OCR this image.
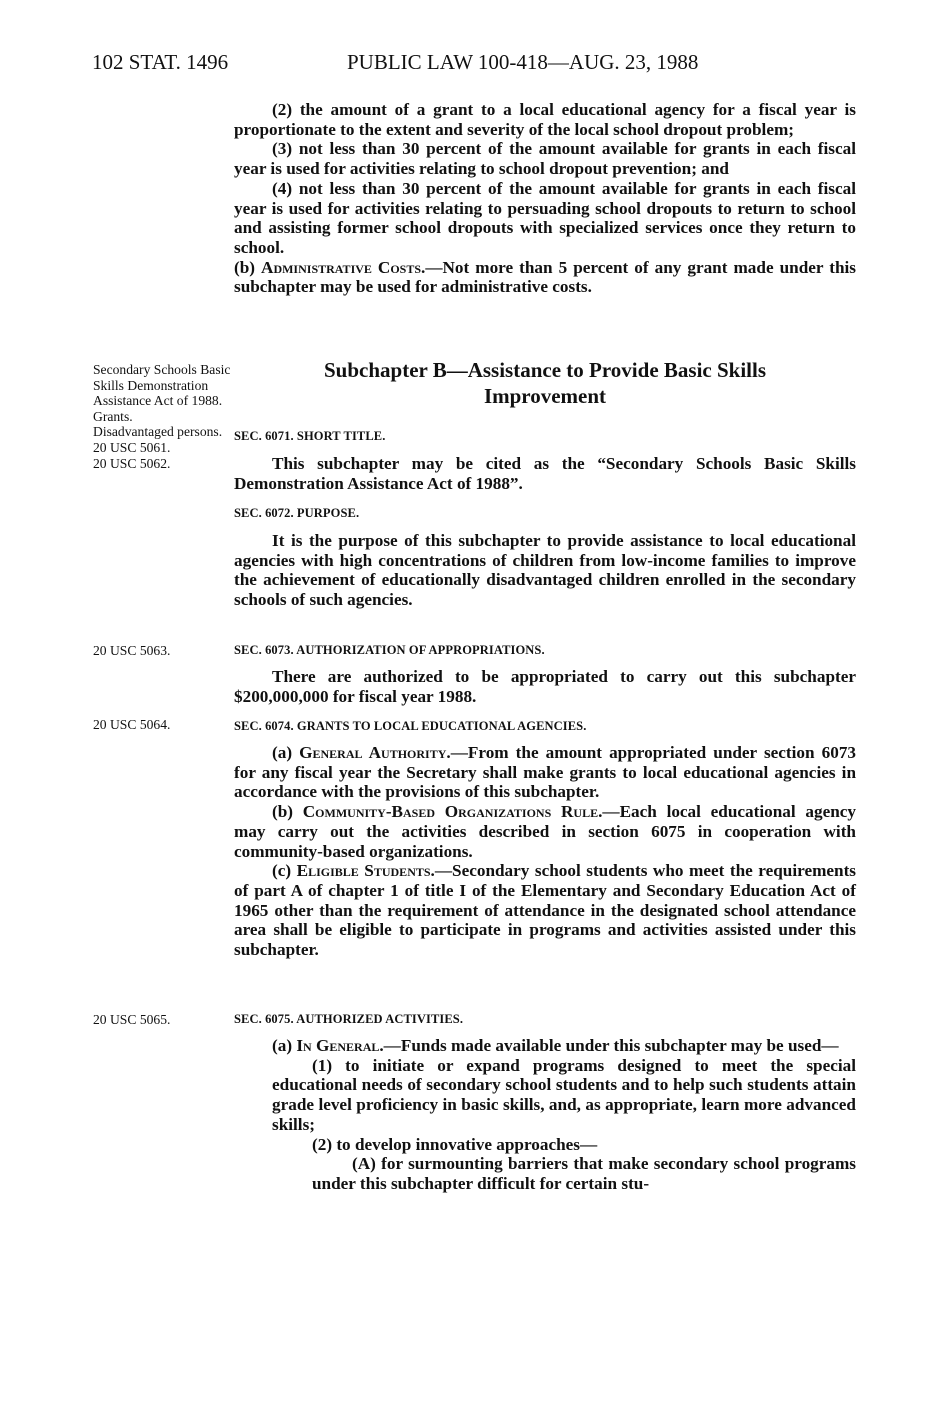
102 STAT. 1496	PUBLIC LAW 100-418—AUG. 23, 1988

(2) the amount of a grant to a local educational agency for a fiscal year is proportionate to the extent and severity of the local school dropout problem;

(3) not less than 30 percent of the amount available for grants in each fiscal year is used for activities relating to school dropout prevention; and

(4) not less than 30 percent of the amount available for grants in each fiscal year is used for activities relating to persuading school dropouts to return to school and assisting former school dropouts with specialized services once they return to school.

(b) Administrative Costs.—Not more than 5 percent of any grant made under this subchapter may be used for administrative costs.

Subchapter B—Assistance to Provide Basic Skills
Improvement
Secondary Schools Basic Skills Demonstration Assistance Act of 1988.
Grants.
Disadvantaged persons.
20 USC 5061.
20 USC 5062.
20 USC 5063.
20 USC 5064.
20 USC 5065.
SEC. 6071. SHORT TITLE.

This subchapter may be cited as the “Secondary Schools Basic Skills Demonstration Assistance Act of 1988”.

SEC. 6072. PURPOSE.

It is the purpose of this subchapter to provide assistance to local educational agencies with high concentrations of children from low-income families to improve the achievement of educationally disadvantaged children enrolled in the secondary schools of such agencies.

SEC. 6073. AUTHORIZATION OF APPROPRIATIONS.

There are authorized to be appropriated to carry out this subchapter $200,000,000 for fiscal year 1988.

SEC. 6074. GRANTS TO LOCAL EDUCATIONAL AGENCIES.

(a) General Authority.—From the amount appropriated under section 6073 for any fiscal year the Secretary shall make grants to local educational agencies in accordance with the provisions of this subchapter.

(b) Community-Based Organizations Rule.—Each local educational agency may carry out the activities described in section 6075 in cooperation with community-based organizations.

(c) Eligible Students.—Secondary school students who meet the requirements of part A of chapter 1 of title I of the Elementary and Secondary Education Act of 1965 other than the requirement of attendance in the designated school attendance area shall be eligible to participate in programs and activities assisted under this subchapter.

SEC. 6075. AUTHORIZED ACTIVITIES.

(a) In General.—Funds made available under this subchapter may be used—

(1) to initiate or expand programs designed to meet the special educational needs of secondary school students and to help such students attain grade level proficiency in basic skills, and, as appropriate, learn more advanced skills;

(2) to develop innovative approaches—

(A) for surmounting barriers that make secondary school programs under this subchapter difficult for certain stu-
